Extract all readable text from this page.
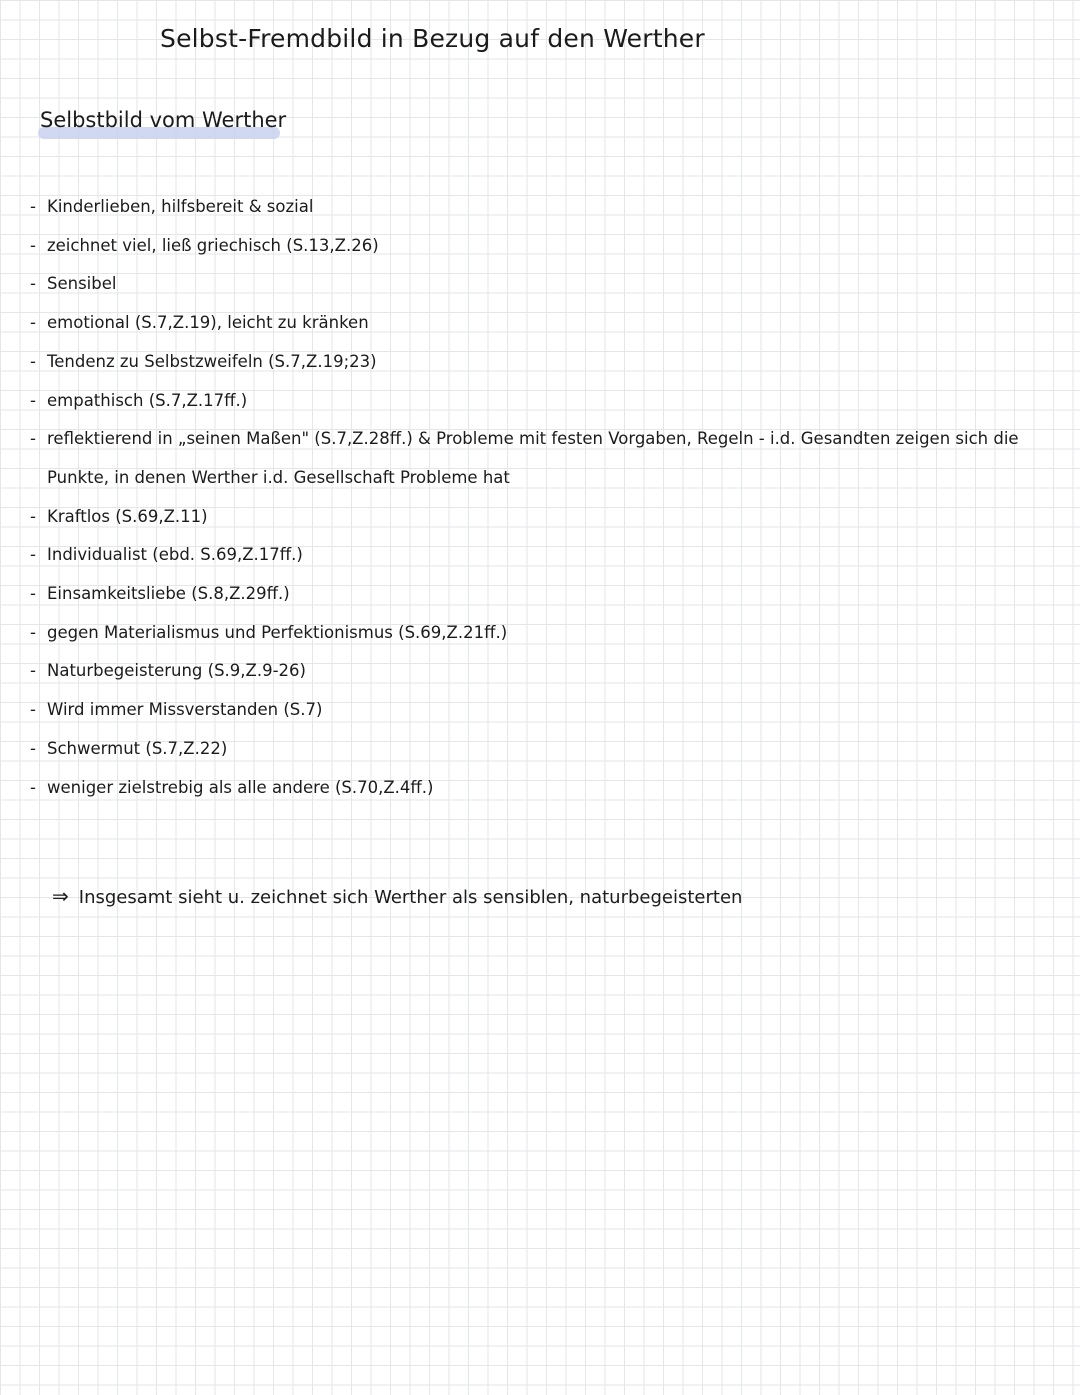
Selbst-Fremdbild in Bezug auf den Werther
Selbstbild vom Werther
- Kinderlieben, hilfsbereit & sozial
- zeichnet viel, ließ griechisch (S.13,Z.26)
- Sensibel
- emotional (S.7,Z.19), leicht zu kränken
- Tendenz zu Selbstzweifeln (S.7,Z.19;23)
- empathisch (S.7,Z.17ff.)
- reflektierend in „seinen Maßen" (S.7,Z.28ff.) & Probleme mit festen Vorgaben, Regeln - i.d. Gesandten zeigen sich die
Punkte, in denen Werther i.d. Gesellschaft Probleme hat
- Kraftlos (S.69,Z.11)
- Individualist (ebd. S.69,Z.17ff.)
- Einsamkeitsliebe (S.8,Z.29ff.)
- gegen Materialismus und Perfektionismus (S.69,Z.21ff.)
- Naturbegeisterung (S.9,Z.9-26)
- Wird immer Missverstanden (S.7)
- Schwermut (S.7,Z.22)
- weniger zielstrebig als alle andere (S.70,Z.4ff.)
⇒ Insgesamt sieht u. zeichnet sich Werther als sensiblen, naturbegeisterten
